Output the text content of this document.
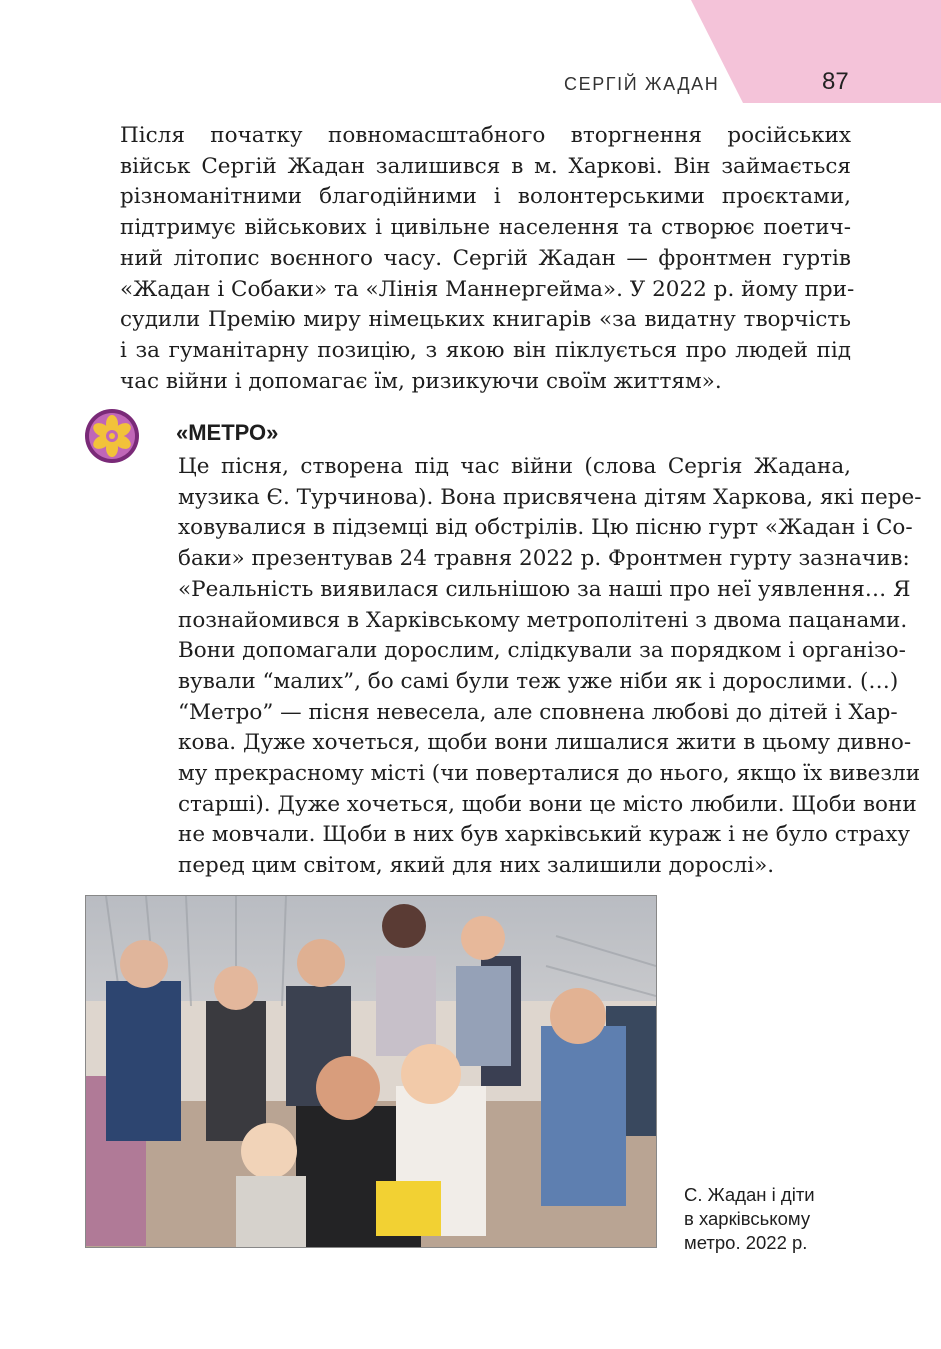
СЕРГІЙ ЖАДАН	87

Після початку повномасштабного вторгнення російських
військ Сергій Жадан залишився в м. Харкові. Він займається
різноманітними благодійними і волонтерськими проєктами,
підтримує військових і цивільне населення та створює поетич-
ний літопис воєнного часу. Сергій Жадан — фронтмен гуртів
«Жадан і Собаки» та «Лінія Маннергейма». У 2022 р. йому при-
судили Премію миру німецьких книгарів «за видатну творчість
і за гуманітарну позицію, з якою він піклується про людей під
час війни і допомагає їм, ризикуючи своїм життям».

«МЕТРО»

Це пісня, створена під час війни (слова Сергія Жадана,
музика Є. Турчинова). Вона присвячена дітям Харкова, які пере-
ховувалися в підземці від обстрілів. Цю пісню гурт «Жадан і Со-
баки» презентував 24 травня 2022 р. Фронтмен гурту зазначив:
«Реальність виявилася сильнішою за наші про неї уявлення… Я
познайомився в Харківському метрополітені з двома пацанами.
Вони допомагали дорослим, слідкували за порядком і організо-
вували “малих”, бо самі були теж уже ніби як і дорослими. (…)
“Метро” — пісня невесела, але сповнена любові до дітей і Хар-
кова. Дуже хочеться, щоби вони лишалися жити в цьому дивно-
му прекрасному місті (чи поверталися до нього, якщо їх вивезли
старші). Дуже хочеться, щоби вони це місто любили. Щоби вони
не мовчали. Щоби в них був харківський кураж і не було страху
перед цим світом, який для них залишили дорослі».

С. Жадан і діти
в харківському
метро. 2022 р.
